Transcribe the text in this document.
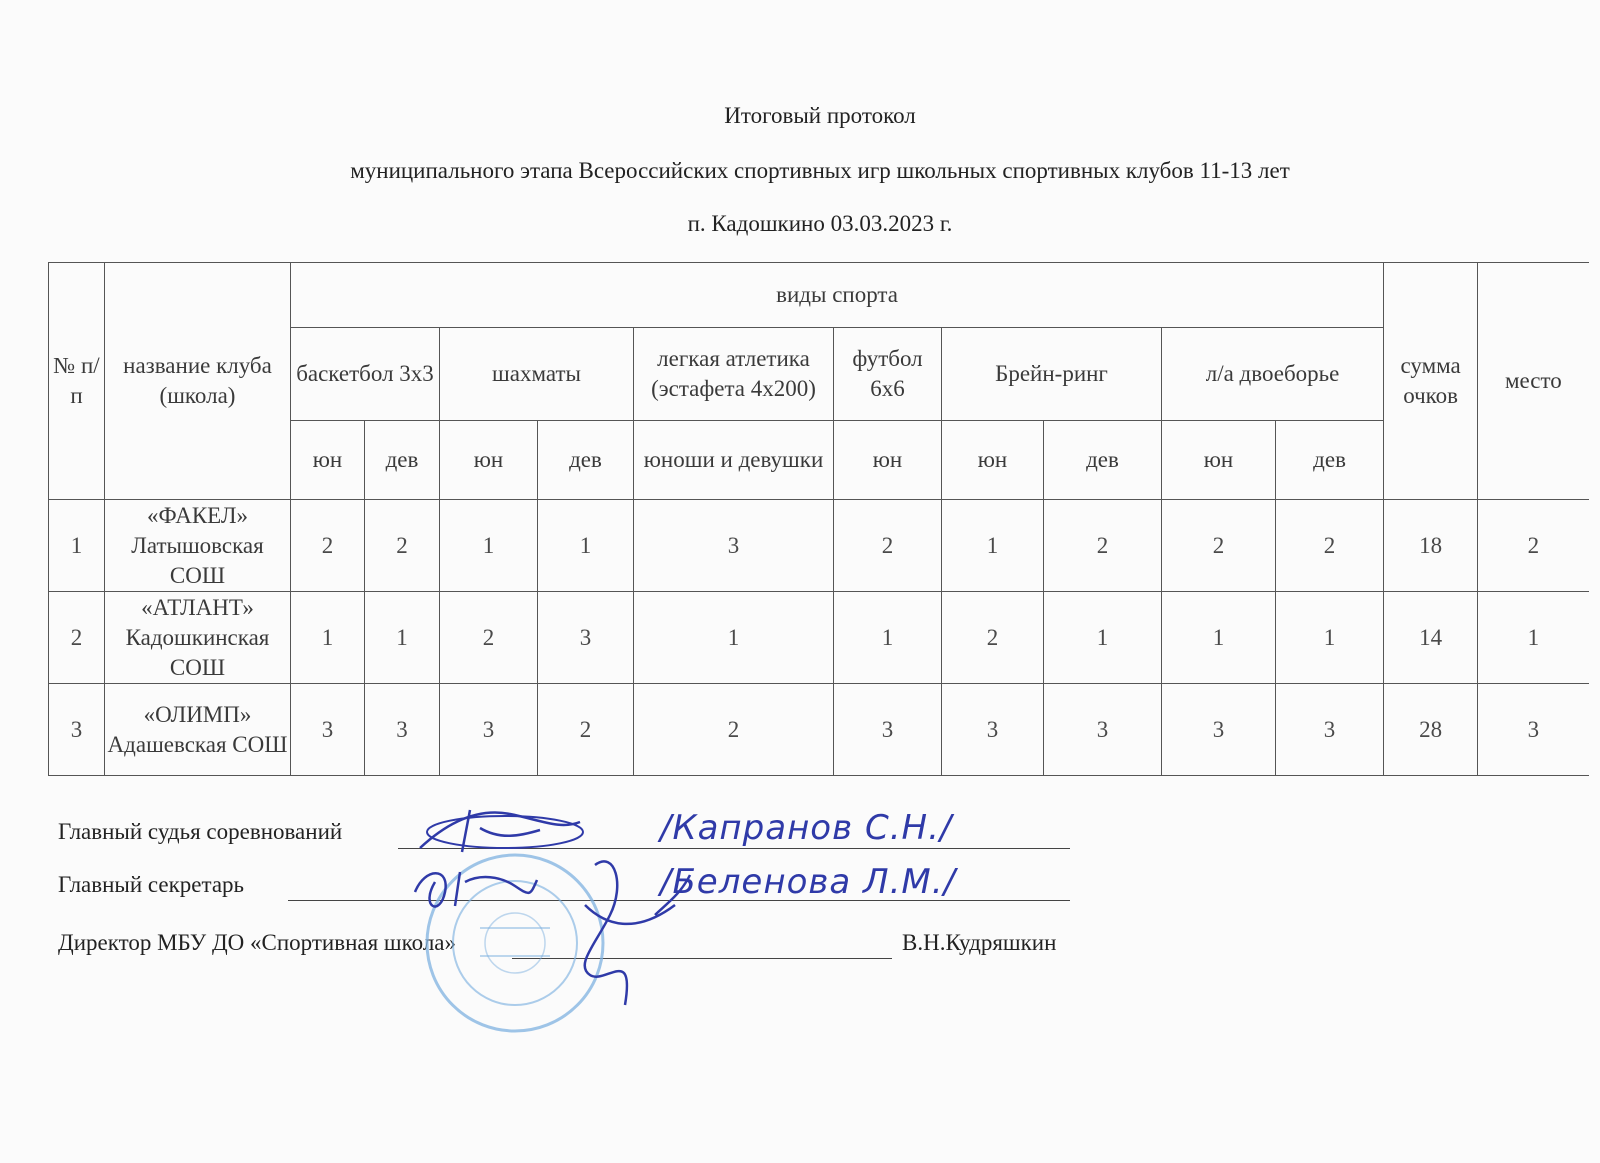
Итоговый протокол
муниципального этапа Всероссийских спортивных игр школьных спортивных клубов 11-13 лет
п. Кадошкино 03.03.2023 г.
№ п/п	название клуба (школа)	виды спорта										сумма очков	место
		баскетбол 3х3		шахматы		легкая атлетика (эстафета 4х200)	футбол 6х6	Брейн-ринг		л/а двоеборье			
		юн	дев	юн	дев	юноши и девушки	юн	юн	дев	юн	дев		
1	«ФАКЕЛ» Латышовская СОШ	2	2	1	1	3	2	1	2	2	2	18	2
2	«АТЛАНТ» Кадошкинская СОШ	1	1	2	3	1	1	2	1	1	1	14	1
3	«ОЛИМП» Адашевская СОШ	3	3	3	2	2	3	3	3	3	3	28	3
Главный судья соревнований
Главный секретарь
Директор МБУ ДО «Спортивная школа»	В.Н.Кудряшкин
/Капранов С.Н./
/Беленова Л.М./
